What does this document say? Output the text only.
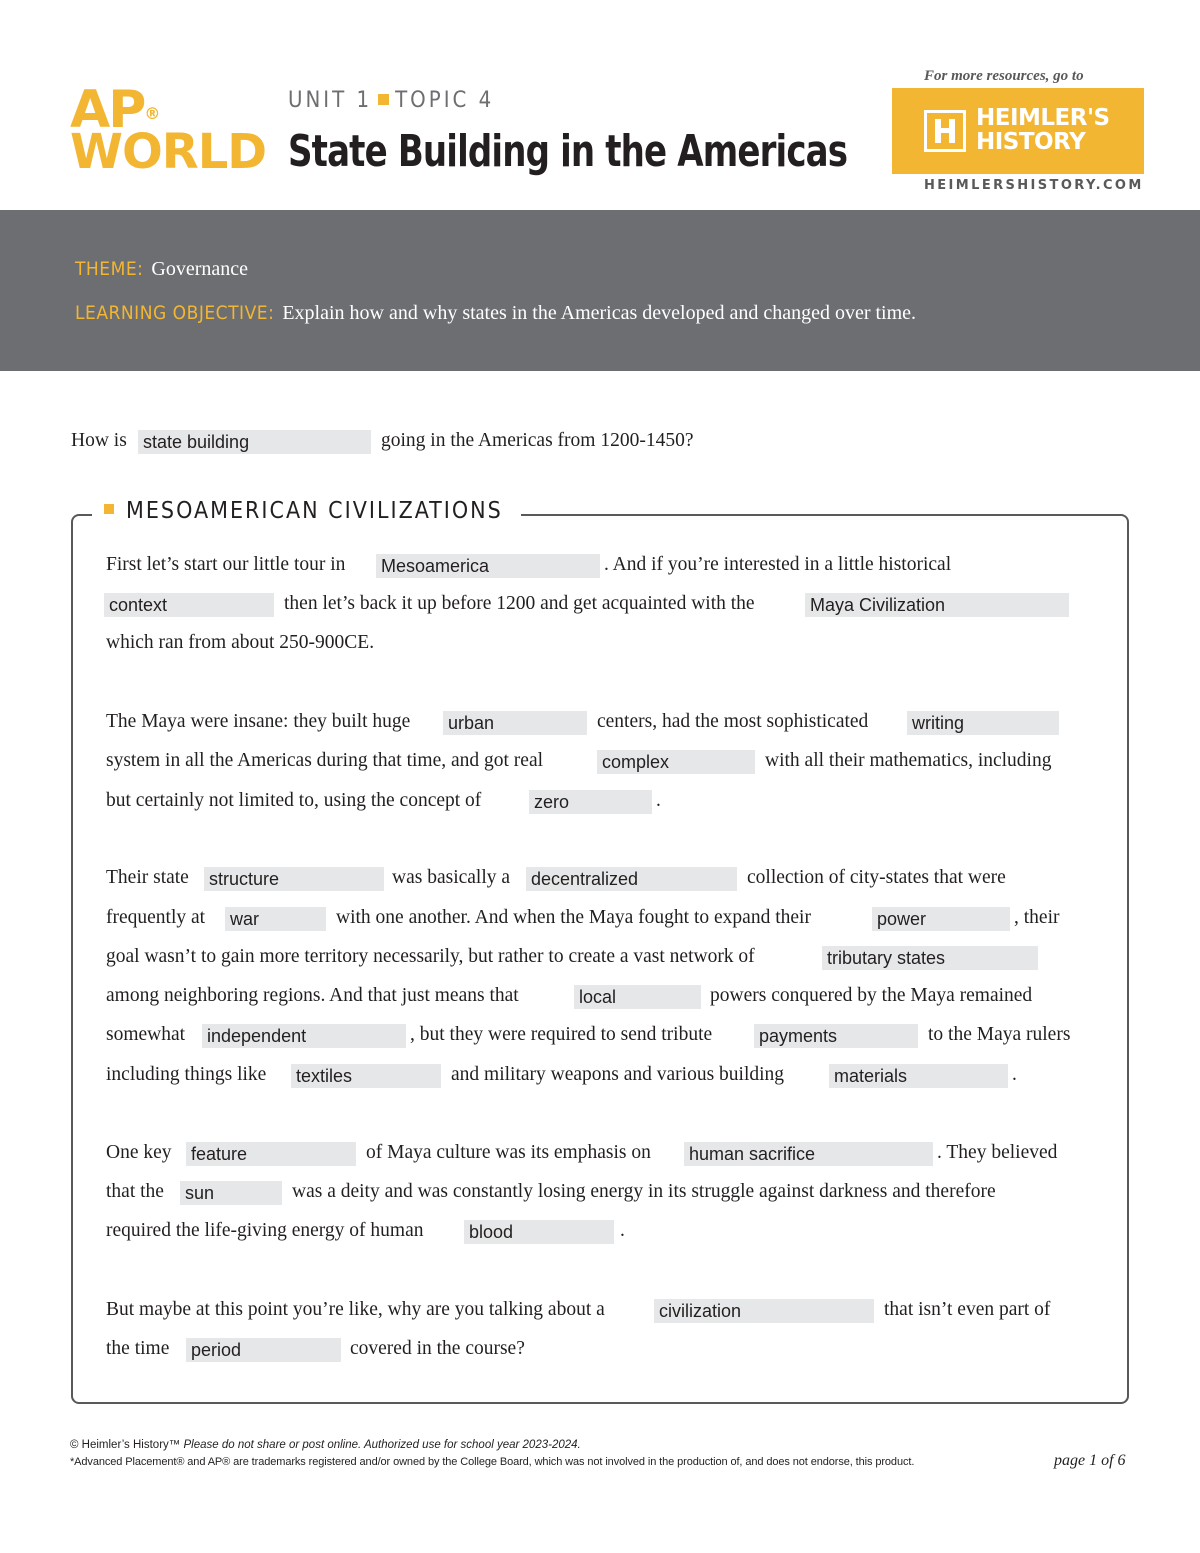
AP®
WORLD
UNIT 1 TOPIC 4
State Building in the Americas
For more resources, go to
HEIMLER'S
HISTORY
HEIMLERSHISTORY.COM
THEME: Governance
LEARNING OBJECTIVE: Explain how and why states in the Americas developed and changed over time.
How is state building	going in the Americas from 1200-1450?
MESOAMERICAN CIVILIZATIONS
First let’s start our little tour in Mesoamerica	. And if you’re interested in a little historical
context	then let’s back it up before 1200 and get acquainted with the	Maya Civilization
which ran from about 250-900CE.
The Maya were insane: they built huge urban	centers, had the most sophisticated writing
system in all the Americas during that time, and got real	complex	with all their mathematics, including
but certainly not limited to, using the concept of	zero	.
Their state structure	was basically a decentralized	collection of city-states that were
frequently at war	with one another. And when the Maya fought to expand their	power	, their
goal wasn’t to gain more territory necessarily, but rather to create a vast network of	tributary states
among neighboring regions. And that just means that	local	powers conquered by the Maya remained
somewhat independent	, but they were required to send tribute	payments	to the Maya rulers
including things like textiles	and military weapons and various building	materials	.
One key feature	of Maya culture was its emphasis on human sacrifice	. They believed
that the sun	was a deity and was constantly losing energy in its struggle against darkness and therefore
required the life-giving energy of human	blood	.
But maybe at this point you’re like, why are you talking about a	civilization	that isn’t even part of
the time period	covered in the course?
© Heimler’s History™ Please do not share or post online. Authorized use for school year 2023-2024.
*Advanced Placement® and AP® are trademarks registered and/or owned by the College Board, which was not involved in the production of, and does not endorse, this product.	page 1 of 6
